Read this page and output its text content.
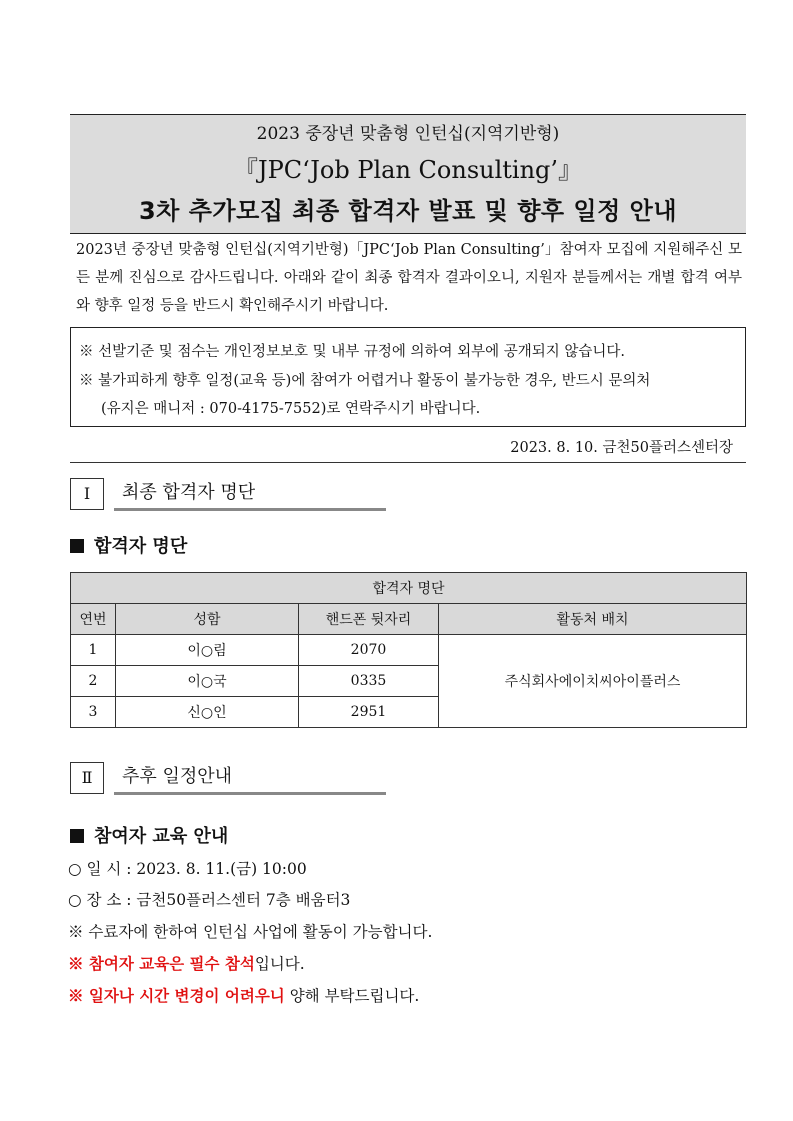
2023 중장년 맞춤형 인턴십(지역기반형)
『JPC‘Job Plan Consulting’』
3차 추가모집 최종 합격자 발표 및 향후 일정 안내
2023년 중장년 맞춤형 인턴십(지역기반형)「JPC‘Job Plan Consulting’」참여자 모집에 지원해주신 모든 분께 진심으로 감사드립니다. 아래와 같이 최종 합격자 결과이오니, 지원자 분들께서는 개별 합격 여부와 향후 일정 등을 반드시 확인해주시기 바랍니다.
※ 선발기준 및 점수는 개인정보보호 및 내부 규정에 의하여 외부에 공개되지 않습니다.
※ 불가피하게 향후 일정(교육 등)에 참여가 어렵거나 활동이 불가능한 경우, 반드시 문의처
(유지은 매니저 : 070-4175-7552)로 연락주시기 바랍니다.
2023. 8. 10. 금천50플러스센터장
Ⅰ	최종 합격자 명단
합격자 명단
합격자 명단			
연번	성함	핸드폰 뒷자리	활동처 배치
1	이○림	2070	주식회사에이치씨아이플러스
2	이○국	0335	
3	신○인	2951	
Ⅱ	추후 일정안내
참여자 교육 안내
○ 일 시 : 2023. 8. 11.(금) 10:00
○ 장 소 : 금천50플러스센터 7층 배움터3
※ 수료자에 한하여 인턴십 사업에 활동이 가능합니다.
※ 참여자 교육은 필수 참석입니다.
※ 일자나 시간 변경이 어려우니 양해 부탁드립니다.
